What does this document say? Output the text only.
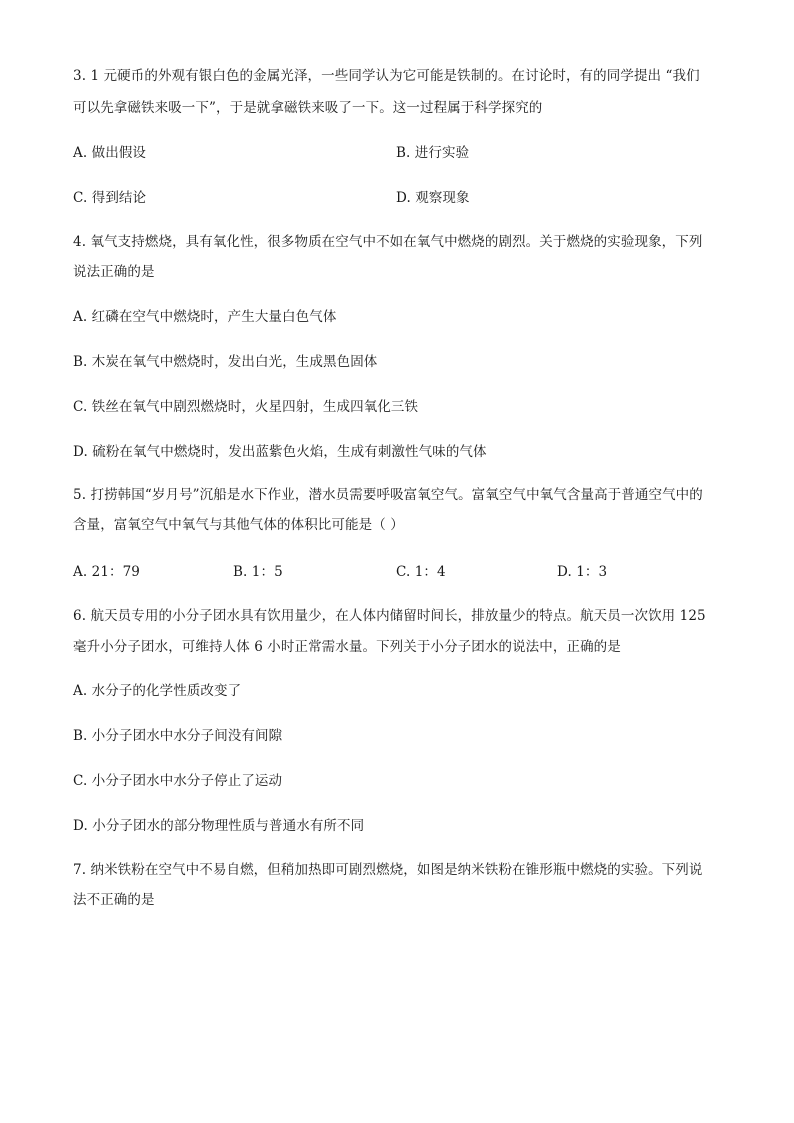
3. 1 元硬币的外观有银白色的金属光泽，一些同学认为它可能是铁制的。在讨论时，有的同学提出 “我们
可以先拿磁铁来吸一下”，于是就拿磁铁来吸了一下。这一过程属于科学探究的
A. 做出假设	B. 进行实验
C. 得到结论	D. 观察现象
4. 氧气支持燃烧，具有氧化性，很多物质在空气中不如在氧气中燃烧的剧烈。关于燃烧的实验现象，下列
说法正确的是
A. 红磷在空气中燃烧时，产生大量白色气体
B. 木炭在氧气中燃烧时，发出白光，生成黑色固体
C. 铁丝在氧气中剧烈燃烧时，火星四射，生成四氧化三铁
D. 硫粉在氧气中燃烧时，发出蓝紫色火焰，生成有刺激性气味的气体
5. 打捞韩国“岁月号”沉船是水下作业，潜水员需要呼吸富氧空气。富氧空气中氧气含量高于普通空气中的
含量，富氧空气中氧气与其他气体的体积比可能是（ ）
A. 21：79	B. 1：5	C. 1：4	D. 1：3
6. 航天员专用的小分子团水具有饮用量少，在人体内储留时间长，排放量少的特点。航天员一次饮用 125
毫升小分子团水，可维持人体 6 小时正常需水量。下列关于小分子团水的说法中，正确的是
A. 水分子的化学性质改变了
B. 小分子团水中水分子间没有间隙
C. 小分子团水中水分子停止了运动
D. 小分子团水的部分物理性质与普通水有所不同
7. 纳米铁粉在空气中不易自燃，但稍加热即可剧烈燃烧，如图是纳米铁粉在锥形瓶中燃烧的实验。下列说
法不正确的是
